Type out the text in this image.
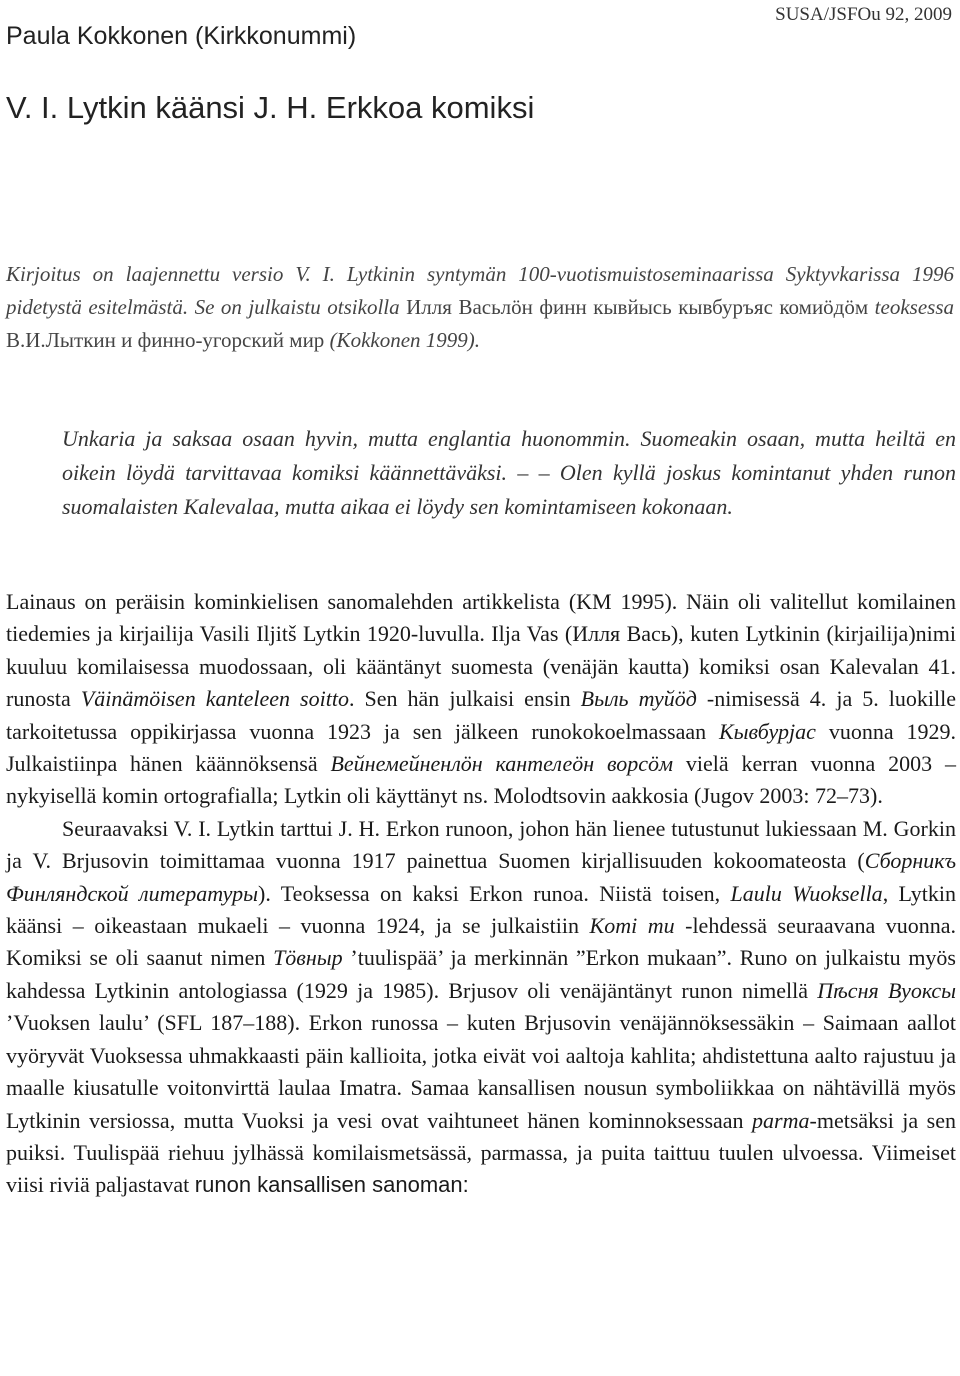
Paula Kokkonen (Kirkkonummi)
SUSA/JSFOu 92, 2009
V. I. Lytkin käänsi J. H. Erkkoa komiksi

Kirjoitus on laajennettu versio V. I. Lytkinin syntymän 100-vuotismuistoseminaarissa Syktyvkarissa 1996 pidetystä esitelmästä. Se on julkaistu otsikolla Илля Васьлӧн финн кывйысь кывбуръяс комиӧдӧм teoksessa В.И.Лыткин и финно-угорский мир (Kokkonen 1999).

Unkaria ja saksaa osaan hyvin, mutta englantia huonommin. Suomeakin osaan, mutta heiltä en oikein löydä tarvittavaa komiksi käännettäväksi. – – Olen kyllä joskus komintanut yhden runon suomalaisten Kalevalaa, mutta aikaa ei löydy sen komintamiseen kokonaan.

Lainaus on peräisin kominkielisen sanomalehden artikkelista (KM 1995). Näin oli valitellut komilainen tiedemies ja kirjailija Vasili Iljitš Lytkin 1920-luvulla. Ilja Vas (Илля Вась), kuten Lytkinin (kirjailija)nimi kuuluu komilaisessa muodossaan, oli kääntänyt suomesta (venäjän kautta) komiksi osan Kalevalan 41. runosta Väinämöisen kanteleen soitto. Sen hän julkaisi ensin Выль туйӧд -nimisessä 4. ja 5. luokille tarkoitetussa oppikirjassa vuonna 1923 ja sen jälkeen runokokoelmassaan Кывбурjас vuonna 1929. Julkaistiinpa hänen käännöksensä Вейнемейненлӧн кантелеӧн ворсӧм vielä kerran vuonna 2003 – nykyisellä komin ortografialla; Lytkin oli käyttänyt ns. Molodtsovin aakkosia (Jugov 2003: 72–73).

Seuraavaksi V. I. Lytkin tarttui J. H. Erkon runoon, johon hän lienee tutustunut lukiessaan M. Gorkin ja V. Brjusovin toimittamaa vuonna 1917 painettua Suomen kirjallisuuden kokoomateosta (Сборникъ Финляндской литературы). Teoksessa on kaksi Erkon runoa. Niistä toisen, Laulu Wuoksella, Lytkin käänsi – oikeastaan mukaeli – vuonna 1924, ja se julkaistiin Komi mu -lehdessä seuraavana vuonna. Komiksi se oli saanut nimen Тӧвныр ’tuulispää’ ja merkinnän ”Erkon mukaan”. Runo on julkaistu myös kahdessa Lytkinin antologiassa (1929 ja 1985). Brjusov oli venäjäntänyt runon nimellä Пѣсня Вуоксы ’Vuoksen laulu’ (SFL 187–188). Erkon runossa – kuten Brjusovin venäjännöksessäkin – Saimaan aallot vyöryvät Vuoksessa uhmakkaasti päin kallioita, jotka eivät voi aaltoja kahlita; ahdistettuna aalto rajustuu ja maalle kiusatulle voitonvirttä laulaa Imatra. Samaa kansallisen nousun symboliikkaa on nähtävillä myös Lytkinin versiossa, mutta Vuoksi ja vesi ovat vaihtuneet hänen kominnoksessaan parma-metsäksi ja sen puiksi. Tuulispää riehuu jylhässä komilaismetsässä, parmassa, ja puita taittuu tuulen ulvoessa. Viimeiset viisi riviä paljastavat runon kansallisen sanoman:
